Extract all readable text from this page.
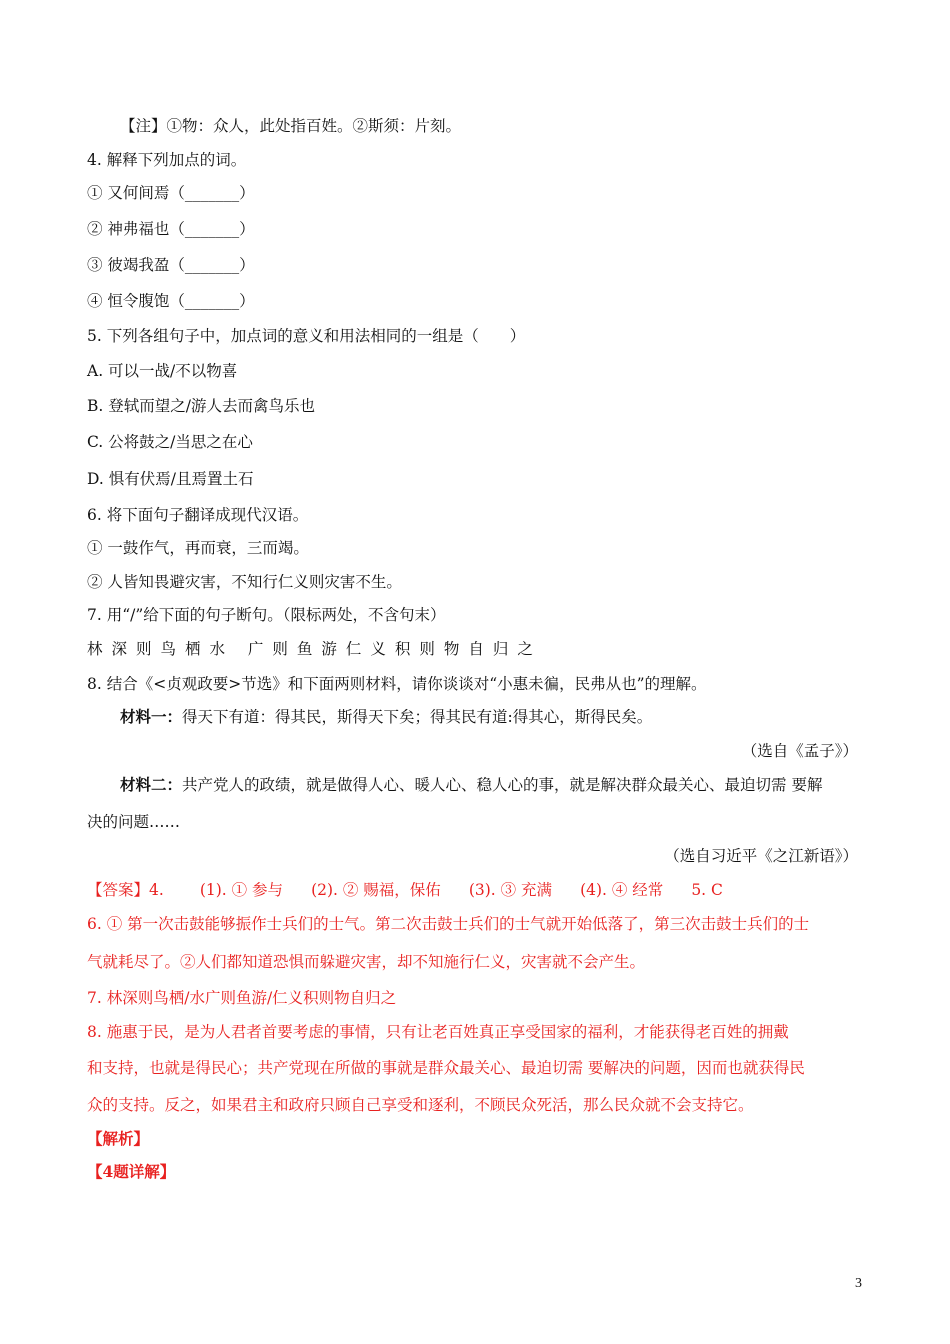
【注】①物：众人，此处指百姓。②斯须：片刻。
4. 解释下列加点的词。
① 又何间焉（_______）
② 神弗福也（_______）
③ 彼竭我盈（_______）
④ 恒令腹饱（_______）
5. 下列各组句子中，加点词的意义和用法相同的一组是（　　）
A. 可以一战/不以物喜
B. 登轼而望之/游人去而禽鸟乐也
C. 公将鼓之/当思之在心
D. 惧有伏焉/且焉置土石
6. 将下面句子翻译成现代汉语。
① 一鼓作气，再而衰，三而竭。
② 人皆知畏避灾害，不知行仁义则灾害不生。
7. 用“/”给下面的句子断句。（限标两处，不含句末）
林深则鸟栖水 广则鱼游仁义积则物自归之
8. 结合《<贞观政要>节选》和下面两则材料，请你谈谈对“小惠未徧，民弗从也”的理解。
材料一：得天下有道：得其民，斯得天下矣；得其民有道:得其心，斯得民矣。
（选自《孟子》）
材料二：共产党人的政绩，就是做得人心、暖人心、稳人心的事，就是解决群众最关心、最迫切需 要解
决的问题……
（选自习近平《之江新语》）
【答案】4. (1). ① 参与 (2). ② 赐福，保佑 (3). ③ 充满 (4). ④ 经常 5. C
6. ① 第一次击鼓能够振作士兵们的士气。第二次击鼓士兵们的士气就开始低落了，第三次击鼓士兵们的士
气就耗尽了。②人们都知道恐惧而躲避灾害，却不知施行仁义，灾害就不会产生。
7. 林深则鸟栖/水广则鱼游/仁义积则物自归之
8. 施惠于民，是为人君者首要考虑的事情，只有让老百姓真正享受国家的福利，才能获得老百姓的拥戴
和支持，也就是得民心；共产党现在所做的事就是群众最关心、最迫切需 要解决的问题，因而也就获得民
众的支持。反之，如果君主和政府只顾自己享受和逐利，不顾民众死活，那么民众就不会支持它。
【解析】
【4题详解】
3
